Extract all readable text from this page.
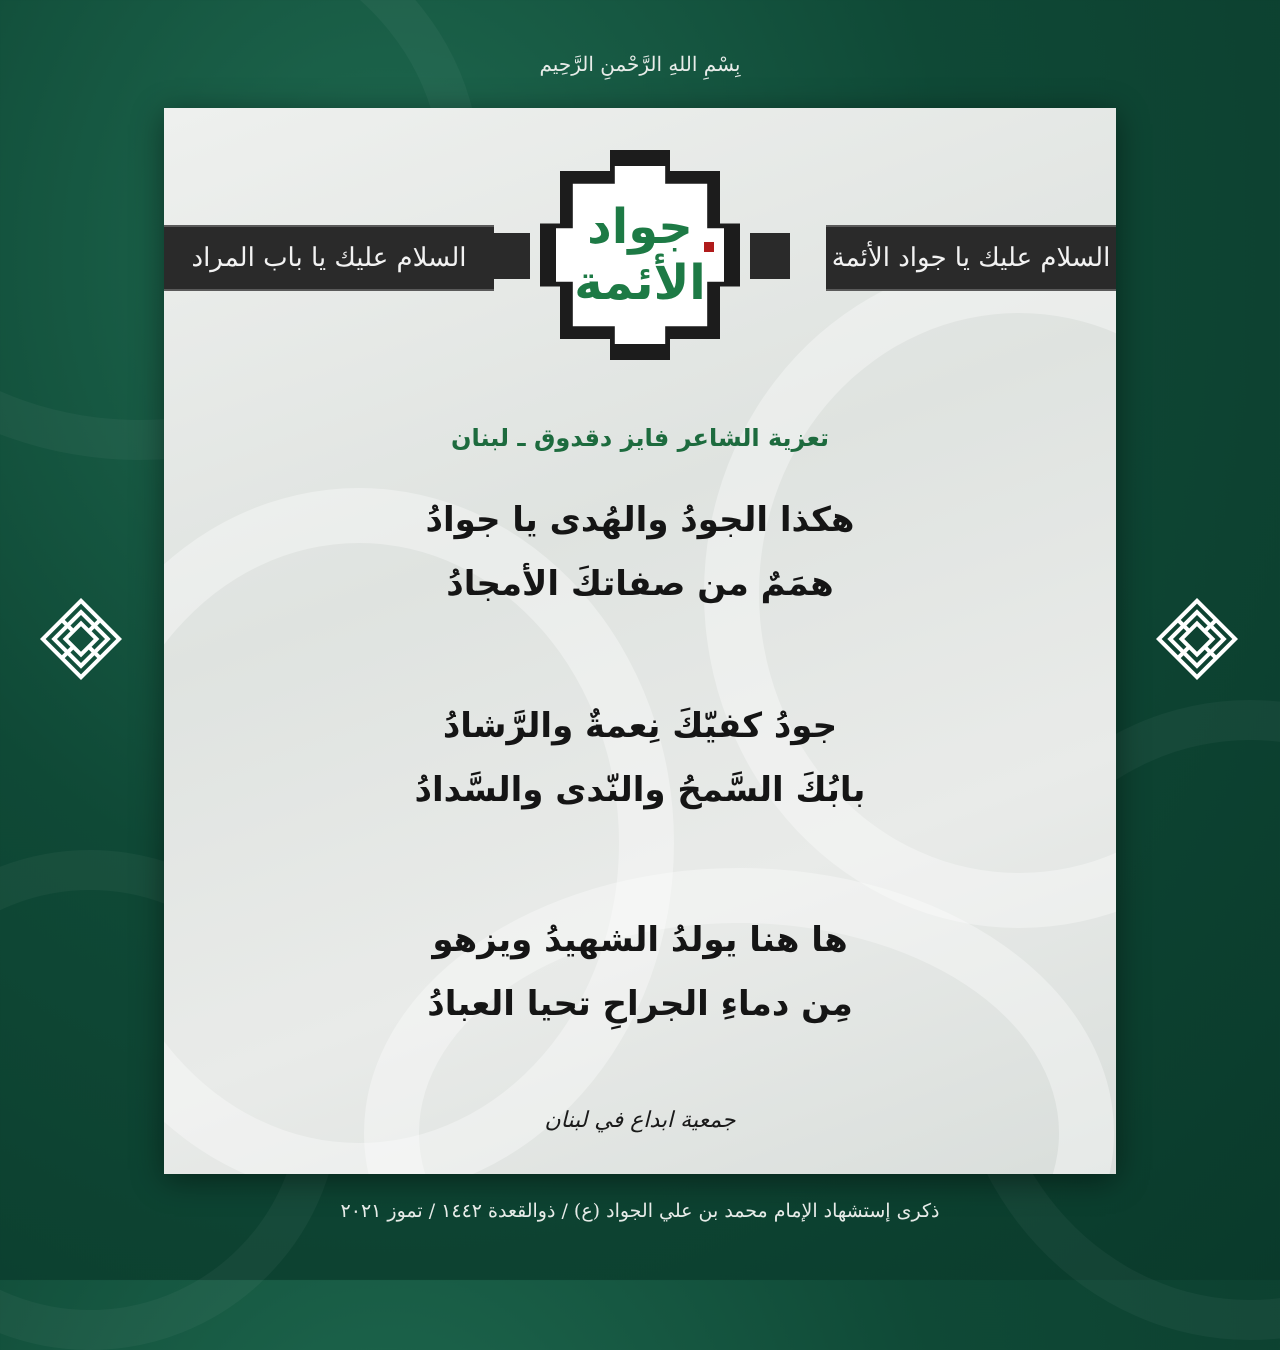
بِسْمِ اللهِ الرَّحْمنِ الرَّحِيم
السلام عليك يا باب المراد	السلام عليك يا جواد الأئمة
جواد
الأئمة
تعزية الشاعر فايز دقدوق ـ لبنان
هكذا الجودُ والهُدى يا جوادُ
همَمٌ من صفاتكَ الأمجادُ
جودُ كفيّكَ نِعمةٌ والرَّشادُ
بابُكَ السَّمحُ والنّدى والسَّدادُ
ها هنا يولدُ الشهيدُ ويزهو
مِن دماءِ الجراحِ تحيا العبادُ
جمعية ابداع في لبنان
ذكرى إستشهاد الإمام محمد بن علي الجواد (ع) / ذوالقعدة ١٤٤٢ / تموز ٢٠٢١
